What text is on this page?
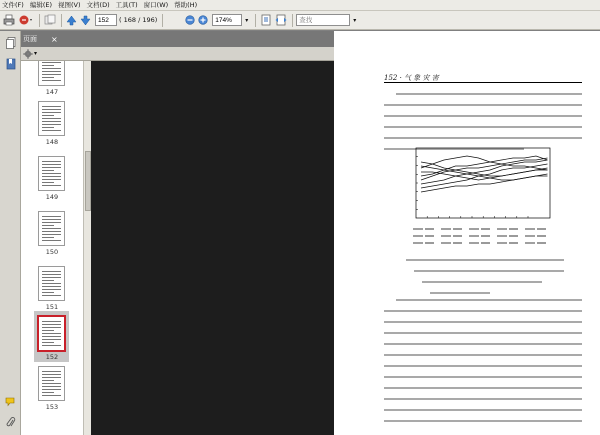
文件(F) 编辑(E) 视图(V) 文档(D) 工具(T) 窗口(W) 帮助(H)
152
( 168 / 196)
174%	▾
查找	▾
页面 ×
▾
147
148
149
150
151
152
153
152 · 气 象 灾 害
